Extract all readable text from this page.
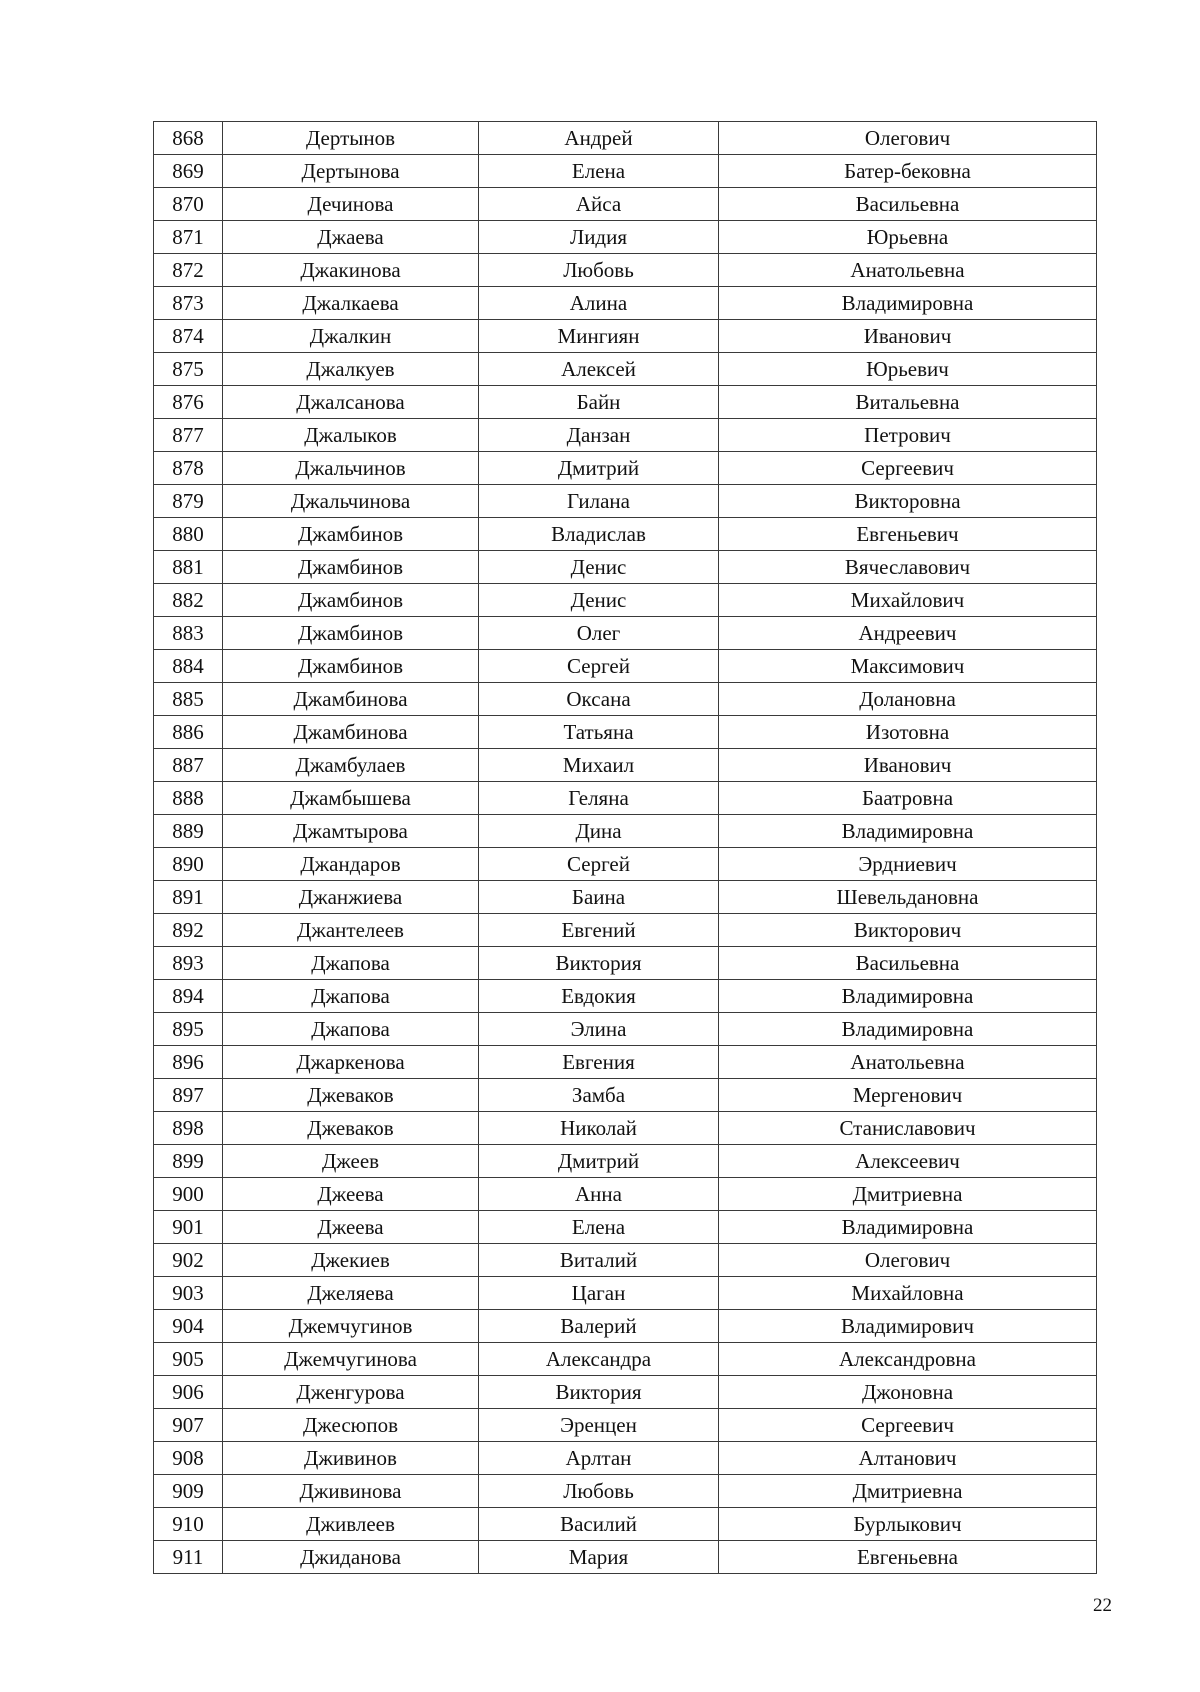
868	Дертынов	Андрей	Олегович
869	Дертынова	Елена	Батер-бековна
870	Дечинова	Айса	Васильевна
871	Джаева	Лидия	Юрьевна
872	Джакинова	Любовь	Анатольевна
873	Джалкаева	Алина	Владимировна
874	Джалкин	Мингиян	Иванович
875	Джалкуев	Алексей	Юрьевич
876	Джалсанова	Байн	Витальевна
877	Джалыков	Данзан	Петрович
878	Джальчинов	Дмитрий	Сергеевич
879	Джальчинова	Гилана	Викторовна
880	Джамбинов	Владислав	Евгеньевич
881	Джамбинов	Денис	Вячеславович
882	Джамбинов	Денис	Михайлович
883	Джамбинов	Олег	Андреевич
884	Джамбинов	Сергей	Максимович
885	Джамбинова	Оксана	Долановна
886	Джамбинова	Татьяна	Изотовна
887	Джамбулаев	Михаил	Иванович
888	Джамбышева	Геляна	Баатровна
889	Джамтырова	Дина	Владимировна
890	Джандаров	Сергей	Эрдниевич
891	Джанжиева	Баина	Шевельдановна
892	Джантелеев	Евгений	Викторович
893	Джапова	Виктория	Васильевна
894	Джапова	Евдокия	Владимировна
895	Джапова	Элина	Владимировна
896	Джаркенова	Евгения	Анатольевна
897	Джеваков	Замба	Мергенович
898	Джеваков	Николай	Станиславович
899	Джеев	Дмитрий	Алексеевич
900	Джеева	Анна	Дмитриевна
901	Джеева	Елена	Владимировна
902	Джекиев	Виталий	Олегович
903	Джеляева	Цаган	Михайловна
904	Джемчугинов	Валерий	Владимирович
905	Джемчугинова	Александра	Александровна
906	Дженгурова	Виктория	Джоновна
907	Джесюпов	Эренцен	Сергеевич
908	Дживинов	Арлтан	Алтанович
909	Дживинова	Любовь	Дмитриевна
910	Дживлеев	Василий	Бурлыкович
911	Джиданова	Мария	Евгеньевна
22
